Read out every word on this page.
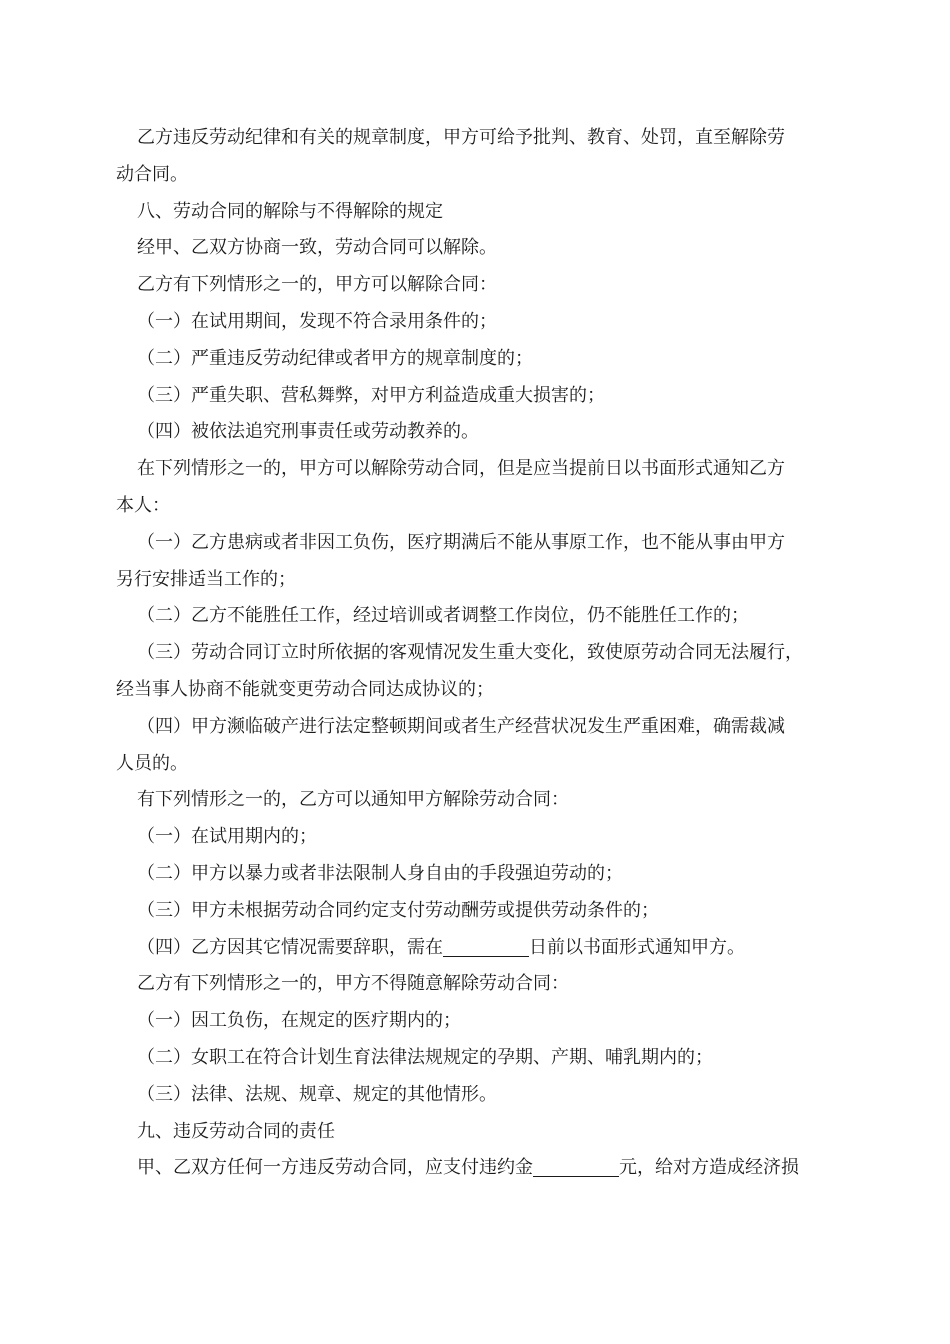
乙方违反劳动纪律和有关的规章制度，甲方可给予批判、教育、处罚，直至解除劳
动合同。
八、劳动合同的解除与不得解除的规定
经甲、乙双方协商一致，劳动合同可以解除。
乙方有下列情形之一的，甲方可以解除合同：
（一）在试用期间，发现不符合录用条件的；
（二）严重违反劳动纪律或者甲方的规章制度的；
（三）严重失职、营私舞弊，对甲方利益造成重大损害的；
（四）被依法追究刑事责任或劳动教养的。
在下列情形之一的，甲方可以解除劳动合同，但是应当提前日以书面形式通知乙方
本人：
（一）乙方患病或者非因工负伤，医疗期满后不能从事原工作，也不能从事由甲方
另行安排适当工作的；
（二）乙方不能胜任工作，经过培训或者调整工作岗位，仍不能胜任工作的；
（三）劳动合同订立时所依据的客观情况发生重大变化，致使原劳动合同无法履行，
经当事人协商不能就变更劳动合同达成协议的；
（四）甲方濒临破产进行法定整顿期间或者生产经营状况发生严重困难，确需裁减
人员的。
有下列情形之一的，乙方可以通知甲方解除劳动合同：
（一）在试用期内的；
（二）甲方以暴力或者非法限制人身自由的手段强迫劳动的；
（三）甲方未根据劳动合同约定支付劳动酬劳或提供劳动条件的；
（四）乙方因其它情况需要辞职，需在	日前以书面形式通知甲方。
乙方有下列情形之一的，甲方不得随意解除劳动合同：
（一）因工负伤，在规定的医疗期内的；
（二）女职工在符合计划生育法律法规规定的孕期、产期、哺乳期内的；
（三）法律、法规、规章、规定的其他情形。
九、违反劳动合同的责任
甲、乙双方任何一方违反劳动合同，应支付违约金	元，给对方造成经济损
